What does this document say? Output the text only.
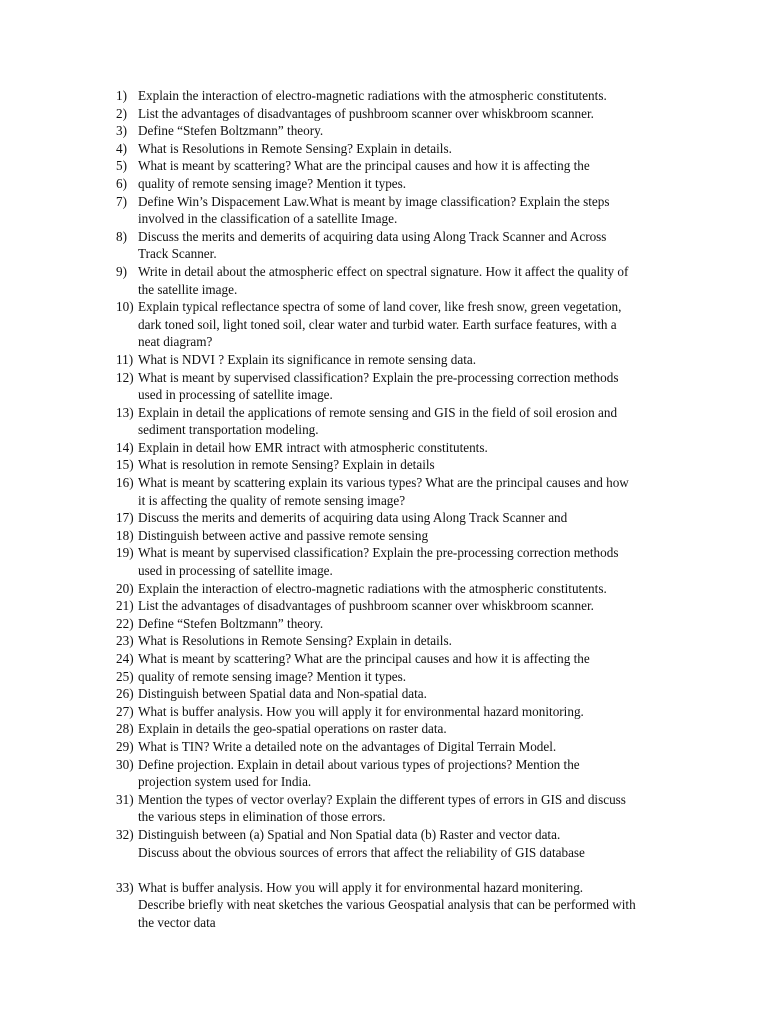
1) Explain the interaction of electro-magnetic radiations with the atmospheric constitutents.
2) List the advantages of disadvantages of pushbroom scanner over whiskbroom scanner.
3) Define “Stefen Boltzmann” theory.
4) What is Resolutions in Remote Sensing? Explain in details.
5) What is meant by scattering? What are the principal causes and how it is affecting the
6) quality of remote sensing image? Mention it types.
7) Define Win’s Dispacement Law.What is meant by image classification? Explain the steps
involved in the classification of a satellite Image.
8) Discuss the merits and demerits of acquiring data using Along Track Scanner and Across
Track Scanner.
9) Write in detail about the atmospheric effect on spectral signature. How it affect the quality of
the satellite image.
10) Explain typical reflectance spectra of some of land cover, like fresh snow, green vegetation,
dark toned soil, light toned soil, clear water and turbid water. Earth surface features, with a
neat diagram?
11) What is NDVI ? Explain its significance in remote sensing data.
12) What is meant by supervised classification? Explain the pre-processing correction methods
used in processing of satellite image.
13) Explain in detail the applications of remote sensing and GIS in the field of soil erosion and
sediment transportation modeling.
14) Explain in detail how EMR intract with atmospheric constitutents.
15) What is resolution in remote Sensing? Explain in details
16) What is meant by scattering explain its various types? What are the principal causes and how
it is affecting the quality of remote sensing image?
17) Discuss the merits and demerits of acquiring data using Along Track Scanner and
18) Distinguish between active and passive remote sensing
19) What is meant by supervised classification? Explain the pre-processing correction methods
used in processing of satellite image.
20) Explain the interaction of electro-magnetic radiations with the atmospheric constitutents.
21) List the advantages of disadvantages of pushbroom scanner over whiskbroom scanner.
22) Define “Stefen Boltzmann” theory.
23) What is Resolutions in Remote Sensing? Explain in details.
24) What is meant by scattering? What are the principal causes and how it is affecting the
25) quality of remote sensing image? Mention it types.
26) Distinguish between Spatial data and Non-spatial data.
27) What is buffer analysis. How you will apply it for environmental hazard monitoring.
28) Explain in details the geo-spatial operations on raster data.
29) What is TIN? Write a detailed note on the advantages of Digital Terrain Model.
30) Define projection. Explain in detail about various types of projections? Mention the
projection system used for India.
31) Mention the types of vector overlay? Explain the different types of errors in GIS and discuss
the various steps in elimination of those errors.
32) Distinguish between (a) Spatial and Non Spatial data (b) Raster and vector data.
Discuss about the obvious sources of errors that affect the reliability of GIS database
33) What is buffer analysis. How you will apply it for environmental hazard monitering.
Describe briefly with neat sketches the various Geospatial analysis that can be performed with
the vector data
